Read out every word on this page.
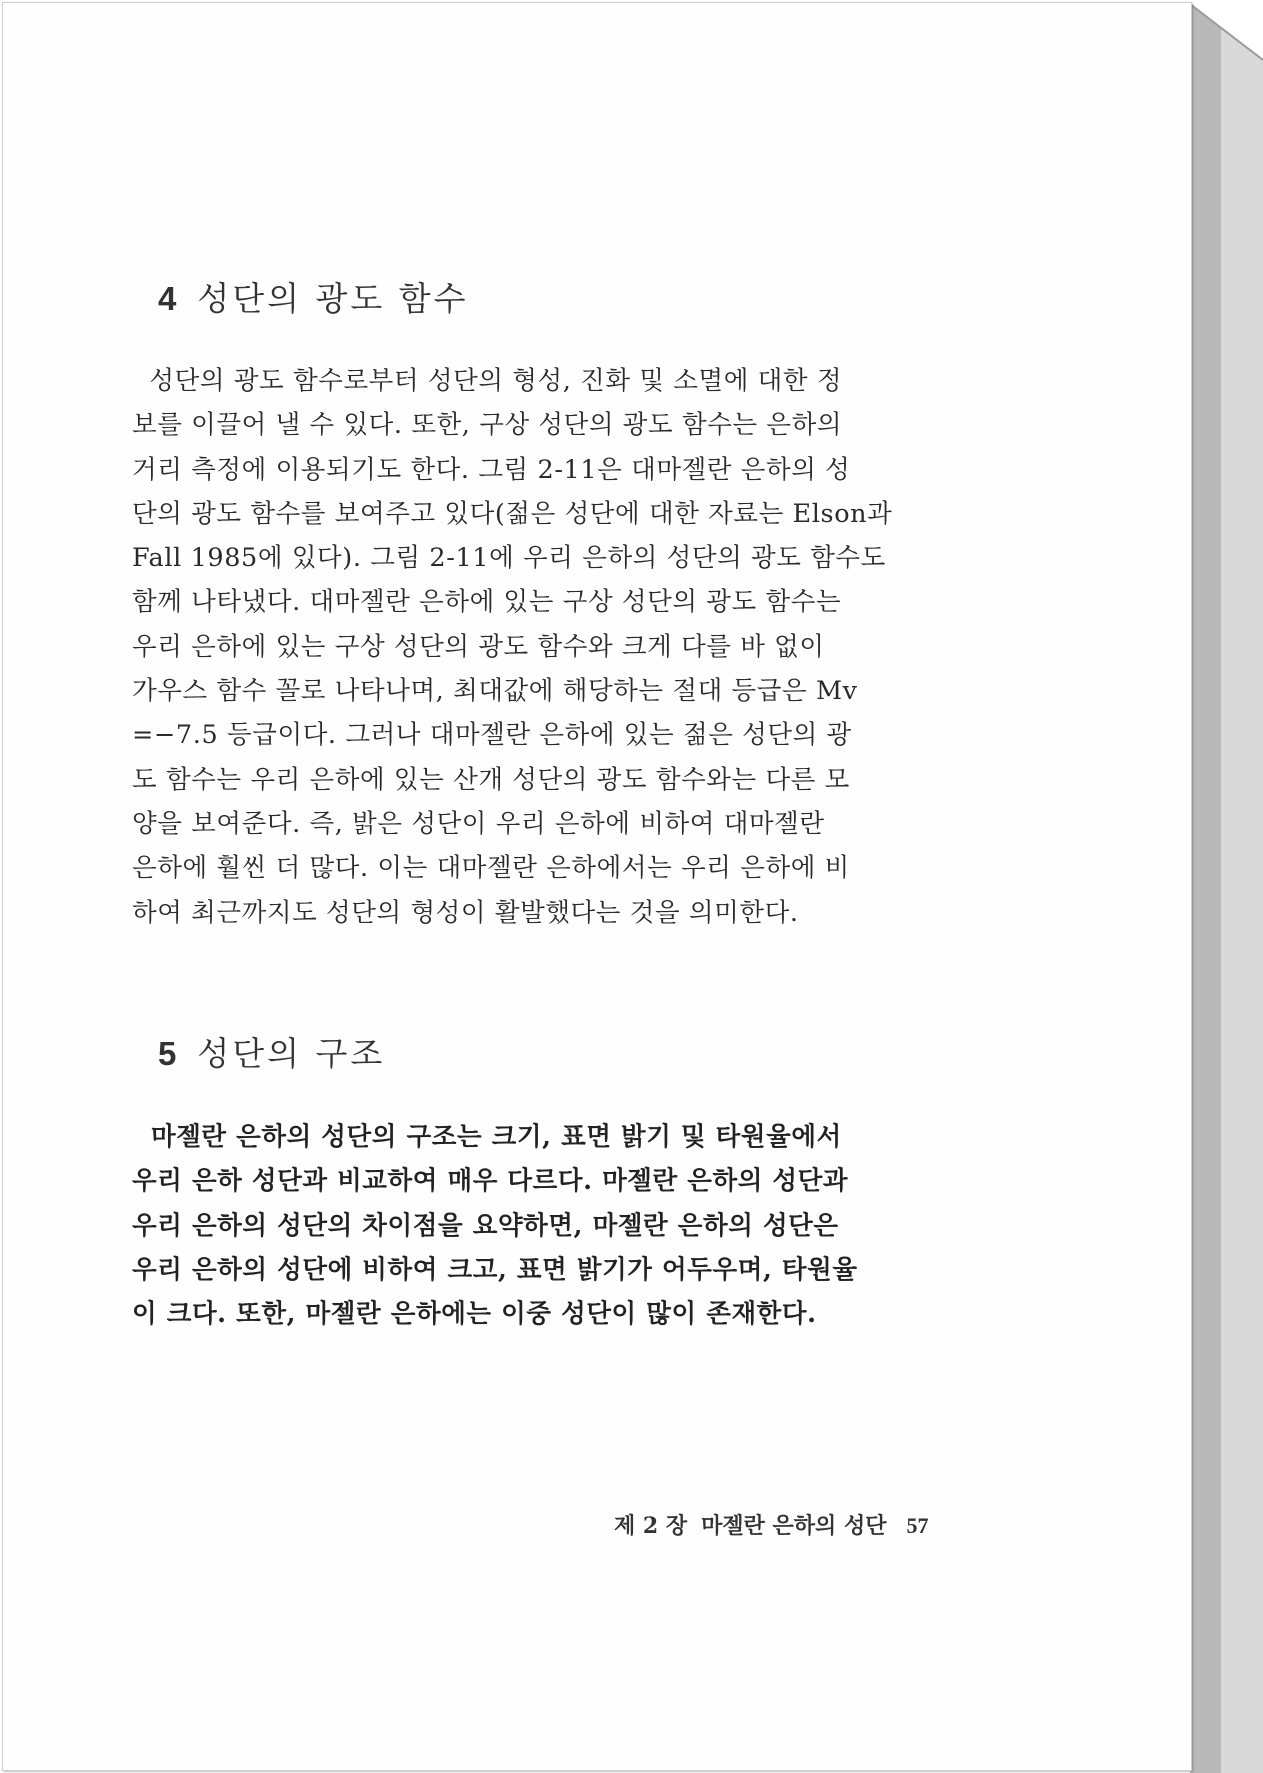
4 성단의 광도 함수
성단의 광도 함수로부터 성단의 형성, 진화 및 소멸에 대한 정
보를 이끌어 낼 수 있다. 또한, 구상 성단의 광도 함수는 은하의
거리 측정에 이용되기도 한다. 그림 2-11은 대마젤란 은하의 성
단의 광도 함수를 보여주고 있다(젊은 성단에 대한 자료는 Elson과
Fall 1985에 있다). 그림 2-11에 우리 은하의 성단의 광도 함수도
함께 나타냈다. 대마젤란 은하에 있는 구상 성단의 광도 함수는
우리 은하에 있는 구상 성단의 광도 함수와 크게 다를 바 없이
가우스 함수 꼴로 나타나며, 최대값에 해당하는 절대 등급은 Mv
=−7.5 등급이다. 그러나 대마젤란 은하에 있는 젊은 성단의 광
도 함수는 우리 은하에 있는 산개 성단의 광도 함수와는 다른 모
양을 보여준다. 즉, 밝은 성단이 우리 은하에 비하여 대마젤란
은하에 훨씬 더 많다. 이는 대마젤란 은하에서는 우리 은하에 비
하여 최근까지도 성단의 형성이 활발했다는 것을 의미한다.
5 성단의 구조
마젤란 은하의 성단의 구조는 크기, 표면 밝기 및 타원율에서
우리 은하 성단과 비교하여 매우 다르다. 마젤란 은하의 성단과
우리 은하의 성단의 차이점을 요약하면, 마젤란 은하의 성단은
우리 은하의 성단에 비하여 크고, 표면 밝기가 어두우며, 타원율
이 크다. 또한, 마젤란 은하에는 이중 성단이 많이 존재한다.
제 2 장 마젤란 은하의 성단 57
